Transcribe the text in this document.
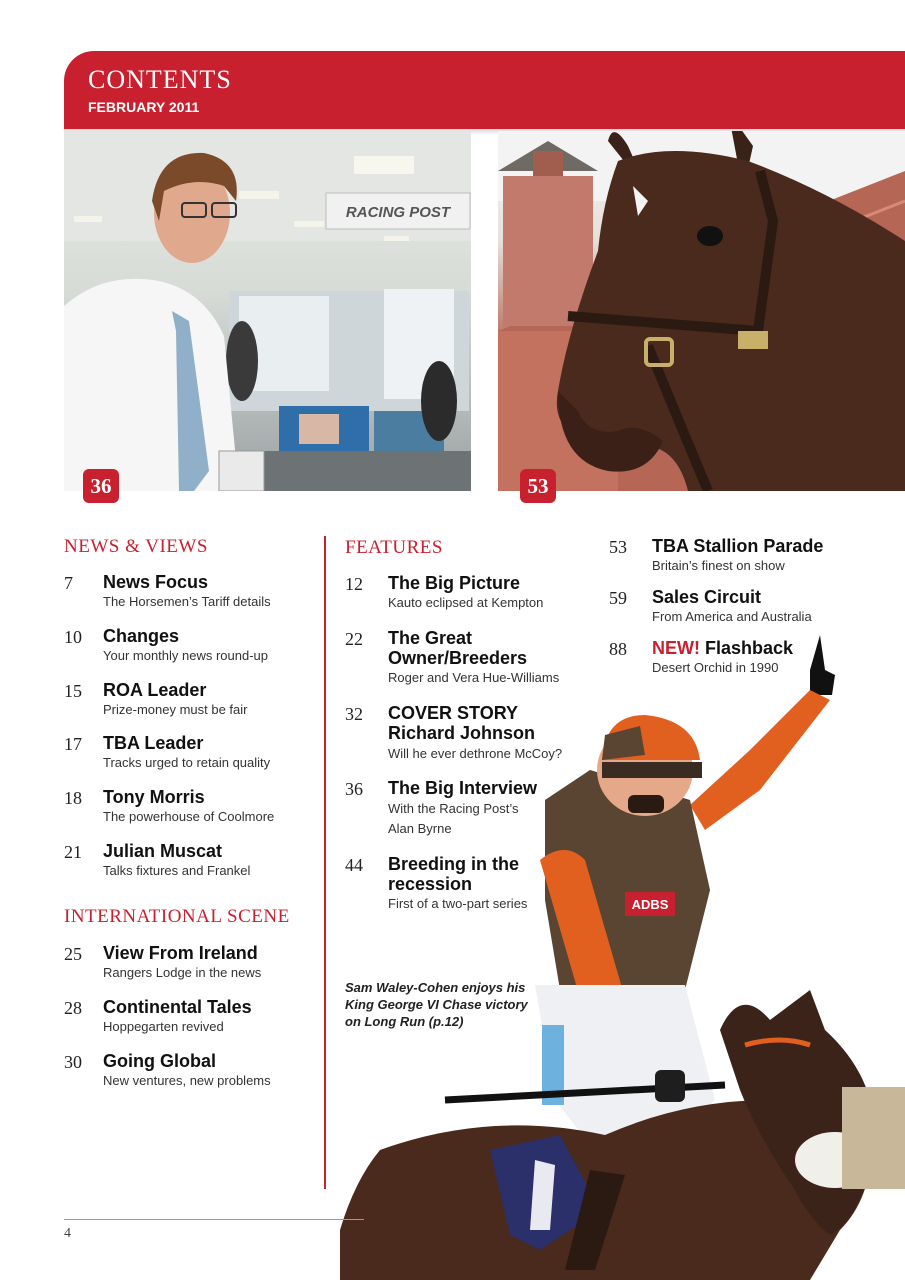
CONTENTS
FEBRUARY 2011
RACING POST
36	53
ADBS
NEWS & VIEWS
7 News Focus
The Horsemen’s Tariff details
10 Changes
Your monthly news round-up
15 ROA Leader
Prize-money must be fair
17 TBA Leader
Tracks urged to retain quality
18 Tony Morris
The powerhouse of Coolmore
21 Julian Muscat
Talks fixtures and Frankel
INTERNATIONAL SCENE
25 View From Ireland
Rangers Lodge in the news
28 Continental Tales
Hoppegarten revived
30 Going Global
New ventures, new problems
FEATURES
12 The Big Picture
Kauto eclipsed at Kempton
22 The Great
Owner/Breeders
Roger and Vera Hue-Williams
32 COVER STORY
Richard Johnson
Will he ever dethrone McCoy?
36 The Big Interview
With the Racing Post’s
Alan Byrne
44 Breeding in the
recession
First of a two-part series
Sam Waley-Cohen enjoys his King George VI Chase victory on Long Run (p.12)
53 TBA Stallion Parade
Britain’s finest on show
59 Sales Circuit
From America and Australia
88 NEW! Flashback
Desert Orchid in 1990
4
